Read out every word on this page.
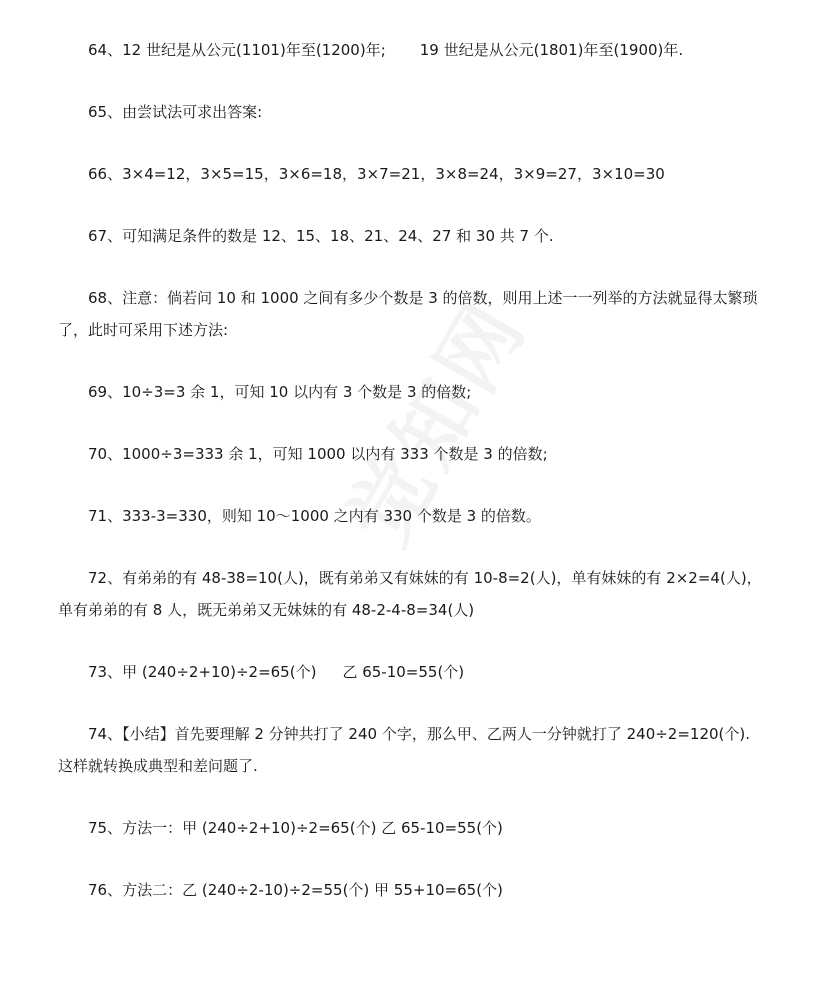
64、12 世纪是从公元(1101)年至(1200)年; 19 世纪是从公元(1801)年至(1900)年.
65、由尝试法可求出答案:
66、3×4=12，3×5=15，3×6=18，3×7=21，3×8=24，3×9=27，3×10=30
67、可知满足条件的数是 12、15、18、21、24、27 和 30 共 7 个.
68、注意：倘若问 10 和 1000 之间有多少个数是 3 的倍数，则用上述一一列举的方法就显得太繁琐
了，此时可采用下述方法:
69、10÷3=3 余 1，可知 10 以内有 3 个数是 3 的倍数;
70、1000÷3=333 余 1，可知 1000 以内有 333 个数是 3 的倍数;
71、333-3=330，则知 10～1000 之内有 330 个数是 3 的倍数。
72、有弟弟的有 48-38=10(人)，既有弟弟又有妹妹的有 10-8=2(人)，单有妹妹的有 2×2=4(人)，
单有弟弟的有 8 人，既无弟弟又无妹妹的有 48-2-4-8=34(人)
73、甲 (240÷2+10)÷2=65(个) 乙 65-10=55(个)
74、【小结】首先要理解 2 分钟共打了 240 个字，那么甲、乙两人一分钟就打了 240÷2=120(个).
这样就转换成典型和差问题了.
75、方法一：甲 (240÷2+10)÷2=65(个) 乙 65-10=55(个)
76、方法二：乙 (240÷2-10)÷2=55(个) 甲 55+10=65(个)
